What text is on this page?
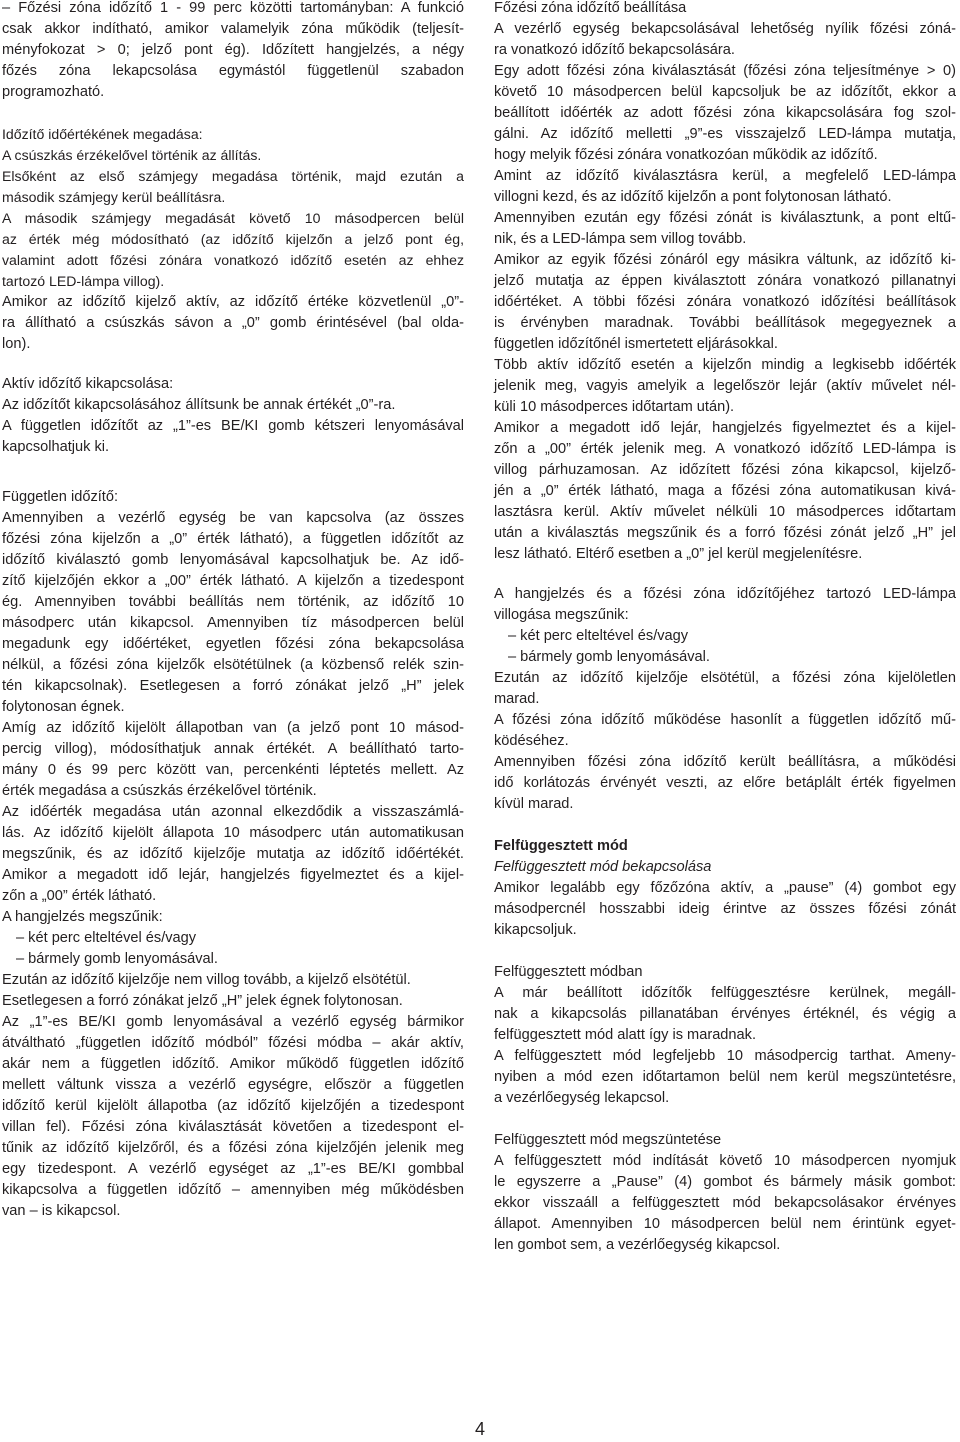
– Főzési zóna időzítő 1 - 99 perc közötti tartományban: A funkció
csak akkor indítható, amikor valamelyik zóna működik (teljesít-
ményfokozat > 0; jelző pont ég). Időzített hangjelzés, a négy
főzés zóna lekapcsolása egymástól függetlenül szabadon
programozható.
Időzítő időértékének megadása:
A csúszkás érzékelővel történik az állítás.
Elsőként az első számjegy megadása történik, majd ezután a
második számjegy kerül beállításra.
A második számjegy megadását követő 10 másodpercen belül
az érték még módosítható (az időzítő kijelzőn a jelző pont ég,
valamint adott főzési zónára vonatkozó időzítő esetén az ehhez
tartozó LED-lámpa villog).
Amikor az időzítő kijelző aktív, az időzítő értéke közvetlenül „0”-
ra állítható a csúszkás sávon a „0” gomb érintésével (bal olda-
lon).
Aktív időzítő kikapcsolása:
Az időzítőt kikapcsolásához állítsunk be annak értékét „0”-ra.
A független időzítőt az „1”-es BE/KI gomb kétszeri lenyomásával
kapcsolhatjuk ki.
Független időzítő:
Amennyiben a vezérlő egység be van kapcsolva (az összes
főzési zóna kijelzőn a „0” érték látható), a független időzítőt az
időzítő kiválasztó gomb lenyomásával kapcsolhatjuk be. Az idő-
zítő kijelzőjén ekkor a „00” érték látható. A kijelzőn a tizedespont
ég. Amennyiben további beállítás nem történik, az időzítő 10
másodperc után kikapcsol. Amennyiben tíz másodpercen belül
megadunk egy időértéket, egyetlen főzési zóna bekapcsolása
nélkül, a főzési zóna kijelzők elsötétülnek (a közbenső relék szin-
tén kikapcsolnak). Esetlegesen a forró zónákat jelző „H” jelek
folytonosan égnek.
Amíg az időzítő kijelölt állapotban van (a jelző pont 10 másod-
percig villog), módosíthatjuk annak értékét. A beállítható tarto-
mány 0 és 99 perc között van, percenkénti léptetés mellett. Az
érték megadása a csúszkás érzékelővel történik.
Az időérték megadása után azonnal elkezdődik a visszaszámlá-
lás. Az időzítő kijelölt állapota 10 másodperc után automatikusan
megszűnik, és az időzítő kijelzője mutatja az időzítő időértékét.
Amikor a megadott idő lejár, hangjelzés figyelmeztet és a kijel-
zőn a „00” érték látható.
A hangjelzés megszűnik:
– két perc elteltével és/vagy
– bármely gomb lenyomásával.
Ezután az időzítő kijelzője nem villog tovább, a kijelző elsötétül.
Esetlegesen a forró zónákat jelző „H” jelek égnek folytonosan.
Az „1”-es BE/KI gomb lenyomásával a vezérlő egység bármikor
átváltható „független időzítő módból” főzési módba – akár aktív,
akár nem a független időzítő. Amikor működő független időzítő
mellett váltunk vissza a vezérlő egységre, először a független
időzítő kerül kijelölt állapotba (az időzítő kijelzőjén a tizedespont
villan fel). Főzési zóna kiválasztását követően a tizedespont el-
tűnik az időzítő kijelzőről, és a főzési zóna kijelzőjén jelenik meg
egy tizedespont. A vezérlő egységet az „1”-es BE/KI gombbal
kikapcsolva a független időzítő – amennyiben még működésben
van – is kikapcsol.
Főzési zóna időzítő beállítása
A vezérlő egység bekapcsolásával lehetőség nyílik főzési zóná-
ra vonatkozó időzítő bekapcsolására.
Egy adott főzési zóna kiválasztását (főzési zóna teljesítménye > 0)
követő 10 másodpercen belül kapcsoljuk be az időzítőt, ekkor a
beállított időérték az adott főzési zóna kikapcsolására fog szol-
gálni. Az időzítő melletti „9”-es visszajelző LED-lámpa mutatja,
hogy melyik főzési zónára vonatkozóan működik az időzítő.
Amint az időzítő kiválasztásra kerül, a megfelelő LED-lámpa
villogni kezd, és az időzítő kijelzőn a pont folytonosan látható.
Amennyiben ezután egy főzési zónát is kiválasztunk, a pont eltű-
nik, és a LED-lámpa sem villog tovább.
Amikor az egyik főzési zónáról egy másikra váltunk, az időzítő ki-
jelző mutatja az éppen kiválasztott zónára vonatkozó pillanatnyi
időértéket. A többi főzési zónára vonatkozó időzítési beállítások
is érvényben maradnak. További beállítások megegyeznek a
független időzítőnél ismertetett eljárásokkal.
Több aktív időzítő esetén a kijelzőn mindig a legkisebb időérték
jelenik meg, vagyis amelyik a legelőször lejár (aktív művelet nél-
küli 10 másodperces időtartam után).
Amikor a megadott idő lejár, hangjelzés figyelmeztet és a kijel-
zőn a „00” érték jelenik meg. A vonatkozó időzítő LED-lámpa is
villog párhuzamosan. Az időzített főzési zóna kikapcsol, kijelző-
jén a „0” érték látható, maga a főzési zóna automatikusan kivá-
lasztásra kerül. Aktív művelet nélküli 10 másodperces időtartam
után a kiválasztás megszűnik és a forró főzési zónát jelző „H” jel
lesz látható. Eltérő esetben a „0” jel kerül megjelenítésre.
A hangjelzés és a főzési zóna időzítőjéhez tartozó LED-lámpa
villogása megszűnik:
– két perc elteltével és/vagy
– bármely gomb lenyomásával.
Ezután az időzítő kijelzője elsötétül, a főzési zóna kijelöletlen
marad.
A főzési zóna időzítő működése hasonlít a független időzítő mű-
ködéséhez.
Amennyiben főzési zóna időzítő került beállításra, a működési
idő korlátozás érvényét veszti, az előre betáplált érték figyelmen
kívül marad.
Felfüggesztett mód
Felfüggesztett mód bekapcsolása
Amikor legalább egy főzőzóna aktív, a „pause” (4) gombot egy
másodpercnél hosszabbi ideig érintve az összes főzési zónát
kikapcsoljuk.
Felfüggesztett módban
A már beállított időzítők felfüggesztésre kerülnek, megáll-
nak a kikapcsolás pillanatában érvényes értéknél, és végig a
felfüggesztett mód alatt így is maradnak.
A felfüggesztett mód legfeljebb 10 másodpercig tarthat. Ameny-
nyiben a mód ezen időtartamon belül nem kerül megszüntetésre,
a vezérlőegység lekapcsol.
Felfüggesztett mód megszüntetése
A felfüggesztett mód indítását követő 10 másodpercen nyomjuk
le egyszerre a „Pause” (4) gombot és bármely másik gombot:
ekkor visszaáll a felfüggesztett mód bekapcsolásakor érvényes
állapot. Amennyiben 10 másodpercen belül nem érintünk egyet-
len gombot sem, a vezérlőegység kikapcsol.
4
